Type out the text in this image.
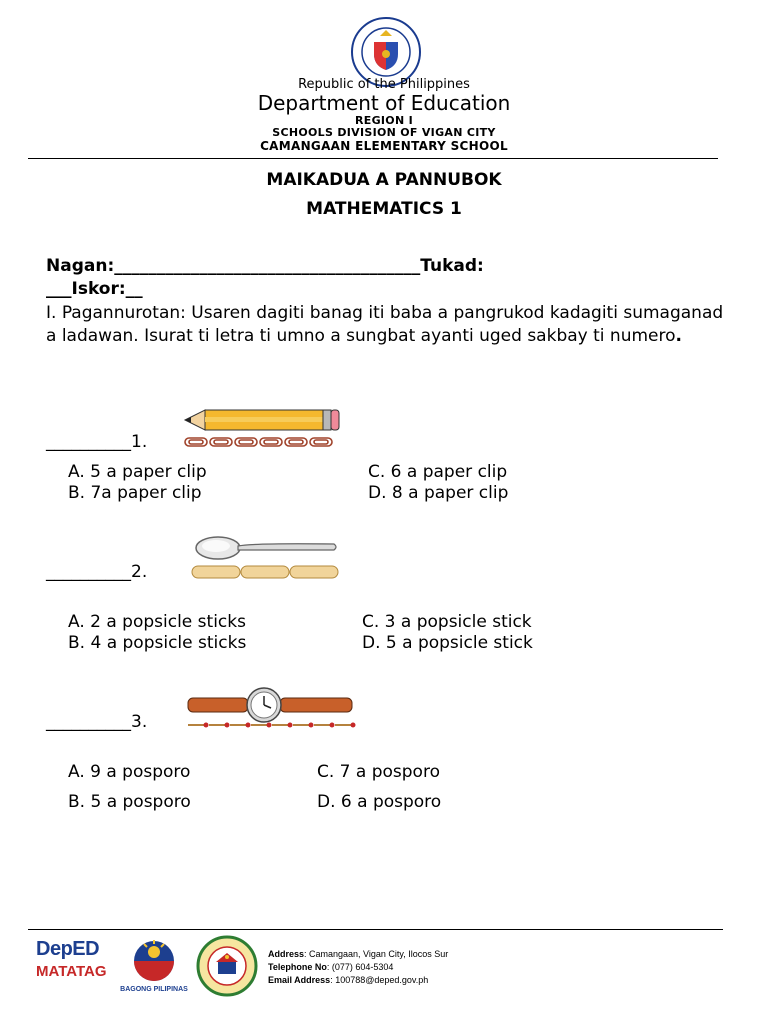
Republic of the Philippines
Department of Education
REGION I
SCHOOLS DIVISION OF VIGAN CITY
CAMANGAAN ELEMENTARY SCHOOL
MAIKADUA A PANNUBOK
MATHEMATICS 1
Nagan:____________________________________Tukad:
___Iskor:__
I. Pagannurotan: Usaren dagiti banag iti baba a pangrukod kadagiti sumaganad a ladawan. Isurat ti letra ti umno a sungbat ayanti uged sakbay ti numero.
__________1.
A. 5 a paper clip
B. 7a paper clip
C. 6 a paper clip
D. 8 a paper clip
__________2.
A. 2 a popsicle sticks
B. 4 a popsicle sticks
C. 3 a popsicle stick
D. 5 a popsicle stick
__________3.
A. 9 a posporo
B. 5 a posporo
C. 7 a posporo
D. 6 a posporo
DepED
MATATAG
BAGONG PILIPINAS
Address: Camangaan, Vigan City, Ilocos Sur
Telephone No: (077) 604-5304
Email Address: 100788@deped.gov.ph
